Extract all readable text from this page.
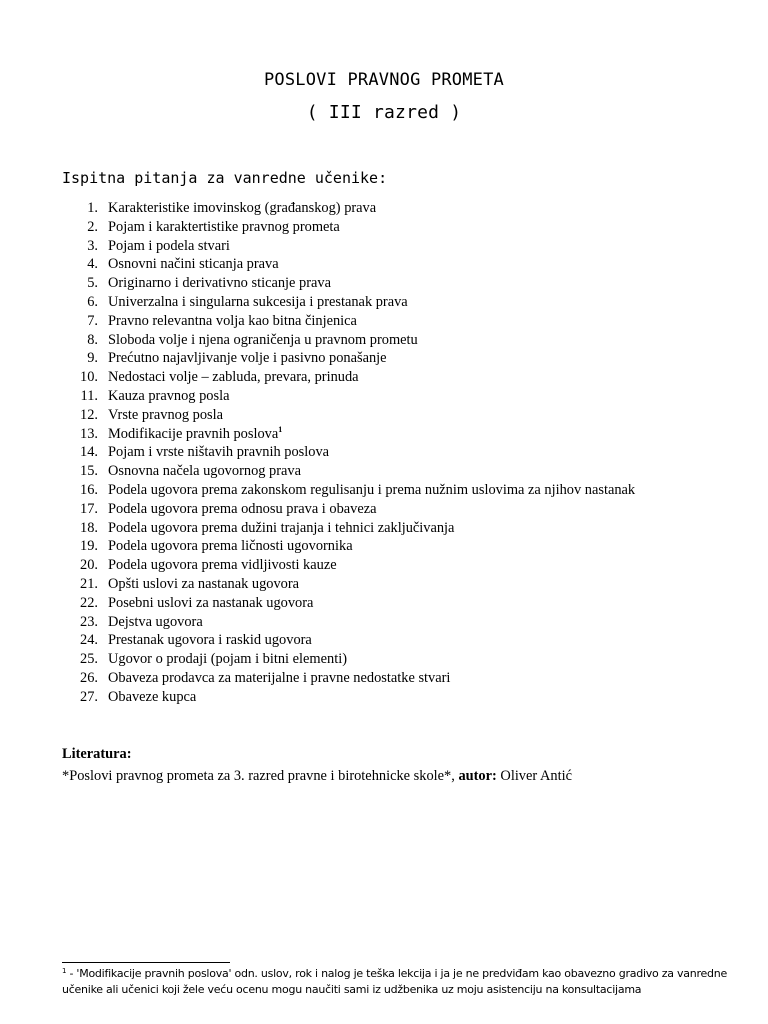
POSLOVI PRAVNOG PROMETA
( III razred )
Ispitna pitanja za vanredne učenike:
1. Karakteristike imovinskog (građanskog) prava
2. Pojam i karaktertistike pravnog prometa
3. Pojam i podela stvari
4. Osnovni načini sticanja prava
5. Originarno i derivativno sticanje prava
6. Univerzalna i singularna sukcesija i prestanak prava
7. Pravno relevantna volja kao bitna činjenica
8. Sloboda volje i njena ograničenja u pravnom prometu
9. Prećutno najavljivanje volje i pasivno ponašanje
10. Nedostaci volje – zabluda, prevara, prinuda
11. Kauza pravnog posla
12. Vrste pravnog posla
13. Modifikacije pravnih poslova$^1$
14. Pojam i vrste ništavih pravnih poslova
15. Osnovna načela ugovornog prava
16. Podela ugovora prema zakonskom regulisanju i prema nužnim uslovima za njihov nastanak
17. Podela ugovora prema odnosu prava i obaveza
18. Podela ugovora prema dužini trajanja i tehnici zaključivanja
19. Podela ugovora prema ličnosti ugovornika
20. Podela ugovora prema vidljivosti kauze
21. Opšti uslovi za nastanak ugovora
22. Posebni uslovi za nastanak ugovora
23. Dejstva ugovora
24. Prestanak ugovora i raskid ugovora
25. Ugovor o prodaji (pojam i bitni elementi)
26. Obaveza prodavca za materijalne i pravne nedostatke stvari
27. Obaveze kupca
Literatura:
*Poslovi pravnog prometa za 3. razred pravne i birotehnicke skole*, autor: Oliver Antić
$^1$ - 'Modifikacije pravnih poslova' odn. uslov, rok i nalog je teška lekcija i ja je ne predviđam kao obavezno gradivo za vanredne učenike ali učenici koji žele veću ocenu mogu naučiti sami iz udžbenika uz moju asistenciju na konsultacijama
